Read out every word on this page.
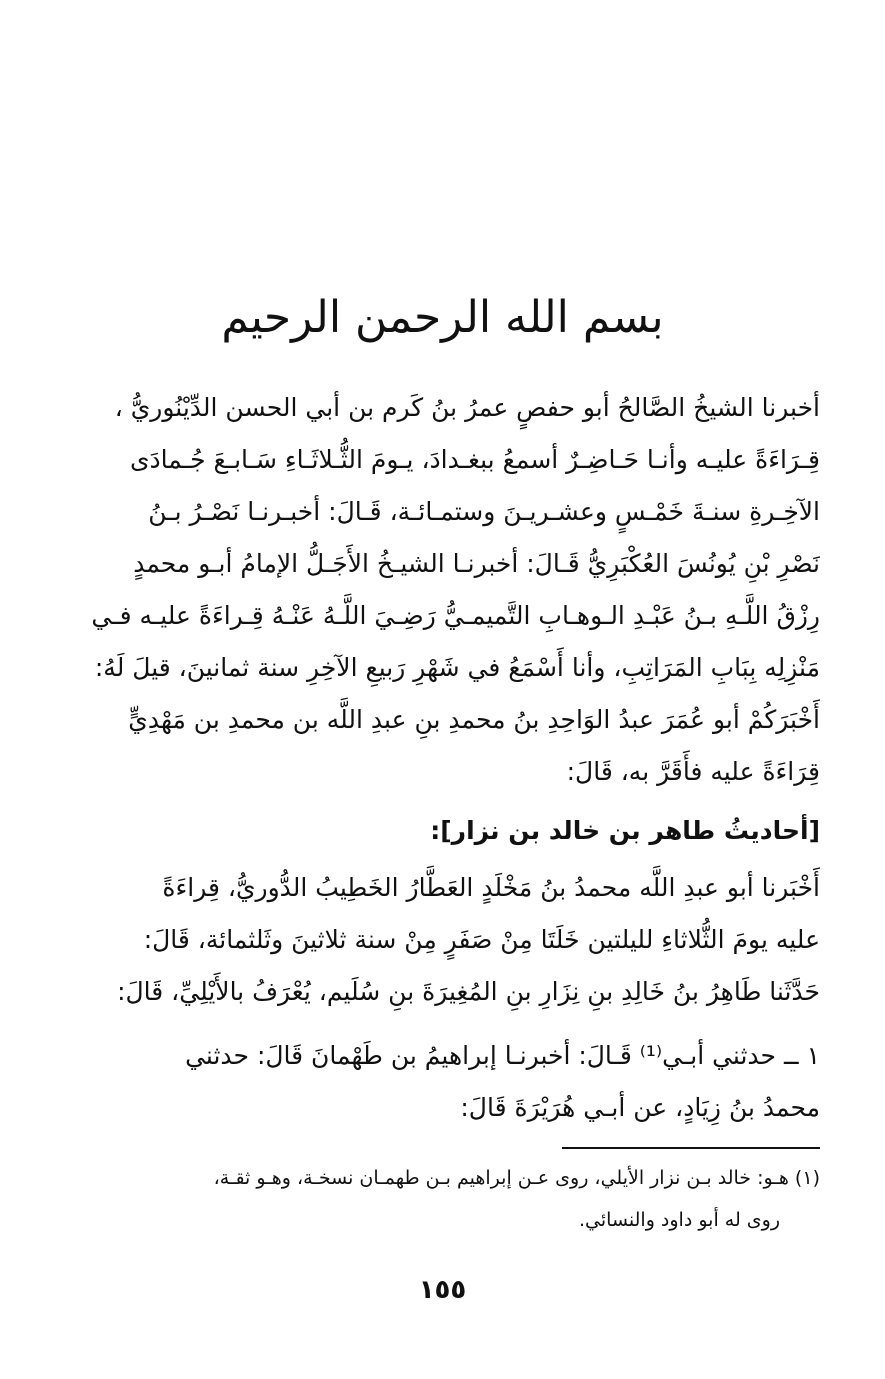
بسم الله الرحمن الرحيم
أخبرنا الشيخُ الصَّالحُ أبو حفصٍ عمرُ بنُ كَرم بن أبي الحسن الدِّيْنُوريُّ ،
قِـرَاءَةً عليـه وأنـا حَـاضِـرٌ أسمعُ ببغـدادَ، يـومَ الثُّـلاثَـاءِ سَـابـعَ جُـمادَى
الآخِـرةِ سنـةَ خَمْـسٍ وعشـريـنَ وستمـائـة، قَـالَ: أخبـرنـا نَصْـرُ بـنُ
نَصْرِ بْنِ يُونُسَ العُكْبَرِيُّ قَـالَ: أخبرنـا الشيـخُ الأَجَـلُّ الإمامُ أبـو محمدٍ
رِزْقُ اللَّـهِ بـنُ عَبْـدِ الـوهـابِ التَّميمـيُّ رَضِـيَ اللَّـهُ عَنْـهُ قِـراءَةً عليـه فـي
مَنْزِلِه بِبَابِ المَرَاتِبِ، وأنا أَسْمَعُ في شَهْرِ رَبيعِ الآخِرِ سنة ثمانينَ، قيلَ لَهُ:
أَخْبَرَكُمْ أبو عُمَرَ عبدُ الوَاحِدِ بنُ محمدِ بنِ عبدِ اللَّه بن محمدِ بن مَهْدِيٍّ
قِرَاءَةً عليه فأَقَرَّ به، قَالَ:
[أحاديثُ طاهر بن خالد بن نزار]:
أَخْبَرنا أبو عبدِ اللَّه محمدُ بنُ مَخْلَدٍ العَطَّارُ الخَطِيبُ الدُّوريُّ، قِراءَةً
عليه يومَ الثُّلاثاءِ لليلتين خَلَتَا مِنْ صَفَرٍ مِنْ سنة ثلاثينَ وثَلثمائة، قَالَ:
حَدَّثَنا طَاهِرُ بنُ خَالِدِ بنِ نِزَارِ بنِ المُغِيرَةَ بنِ سُلَيم، يُعْرَفُ بالأَيْلِيِّ، قَالَ:
١ ــ حدثني أبـي⁽¹⁾ قَـالَ: أخبرنـا إبراهيمُ بن طَهْمانَ قَالَ: حدثني
محمدُ بنُ زِيَادٍ، عن أبـي هُرَيْرَةَ قَالَ:
(١) هـو: خالد بـن نزار الأيلي، روى عـن إبراهيم بـن طهمـان نسخـة، وهـو ثقـة،
روى له أبو داود والنسائي.
١٥٥
